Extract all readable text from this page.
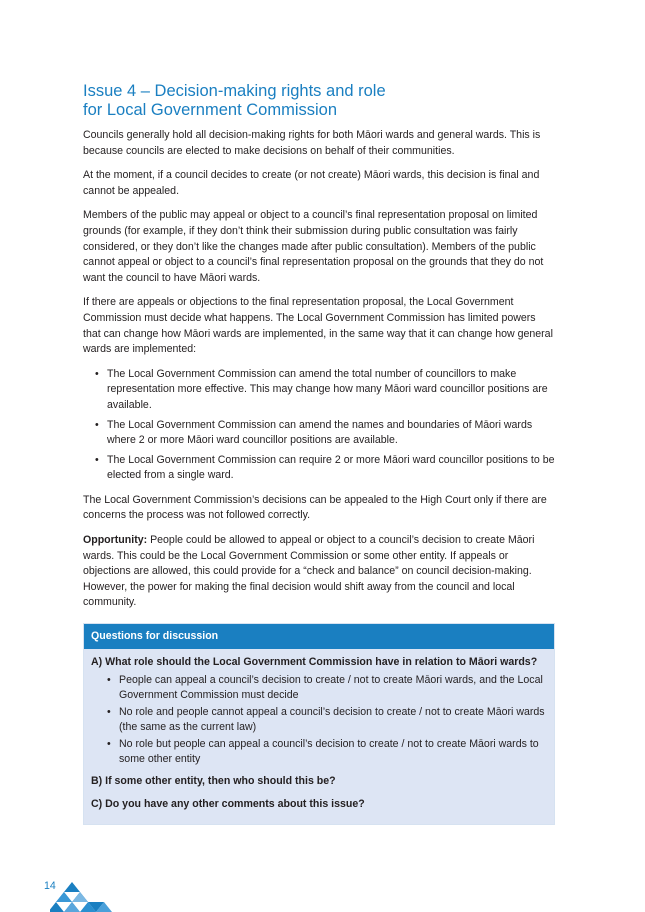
Issue 4 – Decision-making rights and role
for Local Government Commission

Councils generally hold all decision-making rights for both Māori wards and general wards. This is because councils are elected to make decisions on behalf of their communities.

At the moment, if a council decides to create (or not create) Māori wards, this decision is final and cannot be appealed.

Members of the public may appeal or object to a council’s final representation proposal on limited grounds (for example, if they don’t think their submission during public consultation was fairly considered, or they don’t like the changes made after public consultation). Members of the public cannot appeal or object to a council’s final representation proposal on the grounds that they do not want the council to have Māori wards.

If there are appeals or objections to the final representation proposal, the Local Government Commission must decide what happens. The Local Government Commission has limited powers that can change how Māori wards are implemented, in the same way that it can change how general wards are implemented:

• The Local Government Commission can amend the total number of councillors to make representation more effective. This may change how many Māori ward councillor positions are available.
• The Local Government Commission can amend the names and boundaries of Māori wards where 2 or more Māori ward councillor positions are available.
• The Local Government Commission can require 2 or more Māori ward councillor positions to be elected from a single ward.

The Local Government Commission’s decisions can be appealed to the High Court only if there are concerns the process was not followed correctly.

Opportunity: People could be allowed to appeal or object to a council’s decision to create Māori wards. This could be the Local Government Commission or some other entity. If appeals or objections are allowed, this could provide for a “check and balance” on council decision-making. However, the power for making the final decision would shift away from the council and local community.

Questions for discussion
A) What role should the Local Government Commission have in relation to Māori wards?
• People can appeal a council’s decision to create / not to create Māori wards, and the Local Government Commission must decide
• No role and people cannot appeal a council’s decision to create / not to create Māori wards (the same as the current law)
• No role but people can appeal a council’s decision to create / not to create Māori wards to some other entity
B) If some other entity, then who should this be?
C) Do you have any other comments about this issue?
14
